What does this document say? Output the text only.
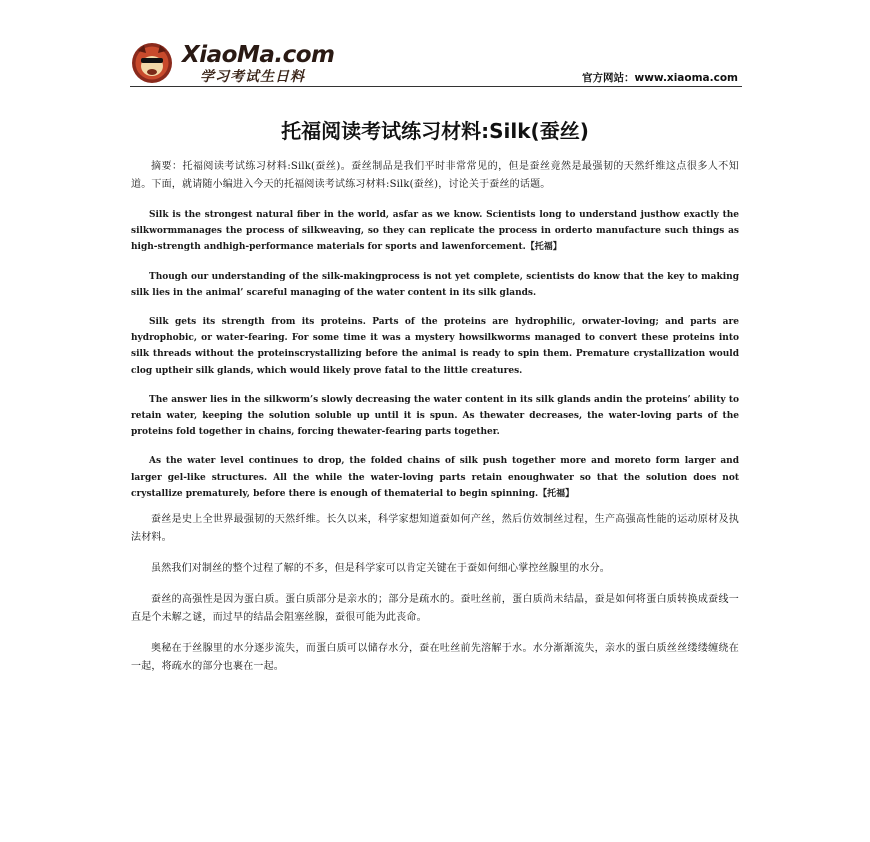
XiaoMa.com
学习考试生日料	官方网站：www.xiaoma.com
托福阅读考试练习材料:Silk(蚕丝)

摘要：托福阅读考试练习材料:Silk(蚕丝)。蚕丝制品是我们平时非常常见的，但是蚕丝竟然是最强韧的天然纤维这点很多人不知道。下面，就请随小编进入今天的托福阅读考试练习材料:Silk(蚕丝)，讨论关于蚕丝的话题。

Silk is the strongest natural fiber in the world, asfar as we know. Scientists long to understand justhow exactly the silkwormmanages the process of silkweaving, so they can replicate the process in orderto manufacture such things as high-strength andhigh-performance materials for sports and lawenforcement.【托福】

Though our understanding of the silk-makingprocess is not yet complete, scientists do know that the key to making silk lies in the animal’ scareful managing of the water content in its silk glands.

Silk gets its strength from its proteins. Parts of the proteins are hydrophilic, orwater-loving; and parts are hydrophobic, or water-fearing. For some time it was a mystery howsilkworms managed to convert these proteins into silk threads without the proteinscrystallizing before the animal is ready to spin them. Premature crystallization would clog uptheir silk glands, which would likely prove fatal to the little creatures.

The answer lies in the silkworm’s slowly decreasing the water content in its silk glands andin the proteins’ ability to retain water, keeping the solution soluble up until it is spun. As thewater decreases, the water-loving parts of the proteins fold together in chains, forcing thewater-fearing parts together.

As the water level continues to drop, the folded chains of silk push together more and moreto form larger and larger gel-like structures. All the while the water-loving parts retain enoughwater so that the solution does not crystallize prematurely, before there is enough of thematerial to begin spinning.【托福】

蚕丝是史上全世界最强韧的天然纤维。长久以来，科学家想知道蚕如何产丝，然后仿效制丝过程，生产高强高性能的运动原材及执法材料。

虽然我们对制丝的整个过程了解的不多，但是科学家可以肯定关键在于蚕如何细心掌控丝腺里的水分。

蚕丝的高强性是因为蛋白质。蛋白质部分是亲水的；部分是疏水的。蚕吐丝前，蛋白质尚未结晶，蚕是如何将蛋白质转换成蚕线一直是个未解之谜，而过早的结晶会阻塞丝腺，蚕很可能为此丧命。

奥秘在于丝腺里的水分逐步流失，而蛋白质可以储存水分，蚕在吐丝前先溶解于水。水分渐渐流失，亲水的蛋白质丝丝缕缕缠绕在一起，将疏水的部分也裹在一起。
